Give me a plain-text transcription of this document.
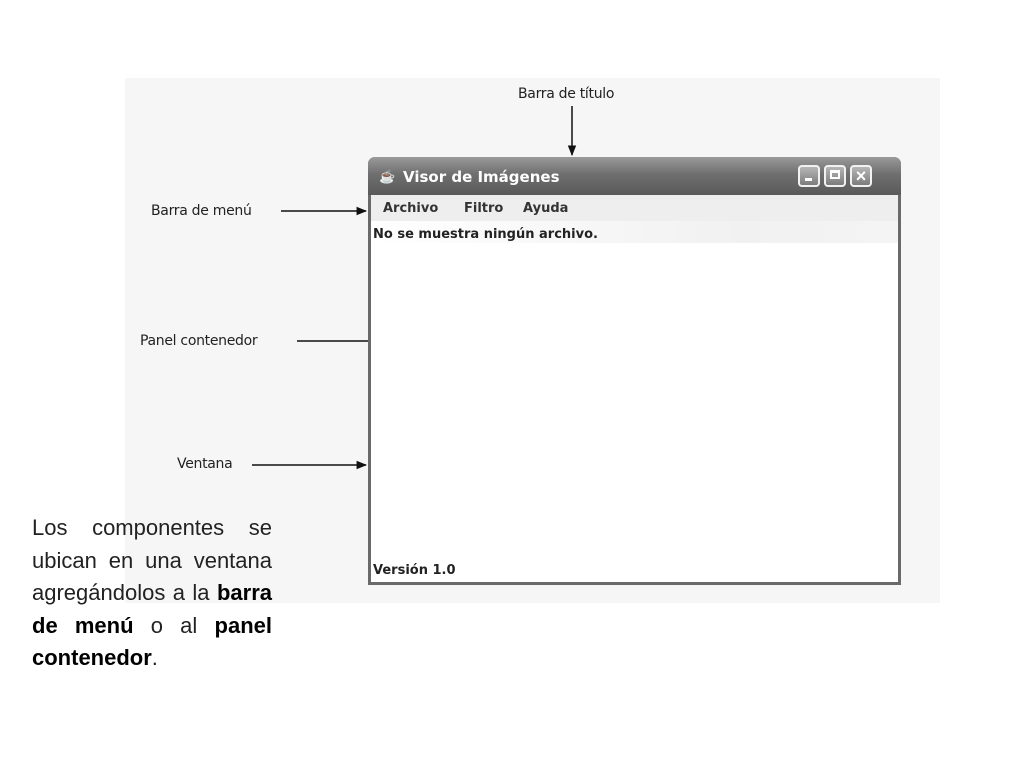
Barra de título
Barra de menú
Panel contenedor
Ventana
☕ Visor de Imágenes	×
Archivo Filtro Ayuda
No se muestra ningún archivo.
Versión 1.0
Los componentes se ubican en una ventana agregándolos a la barra de menú o al panel contenedor.
